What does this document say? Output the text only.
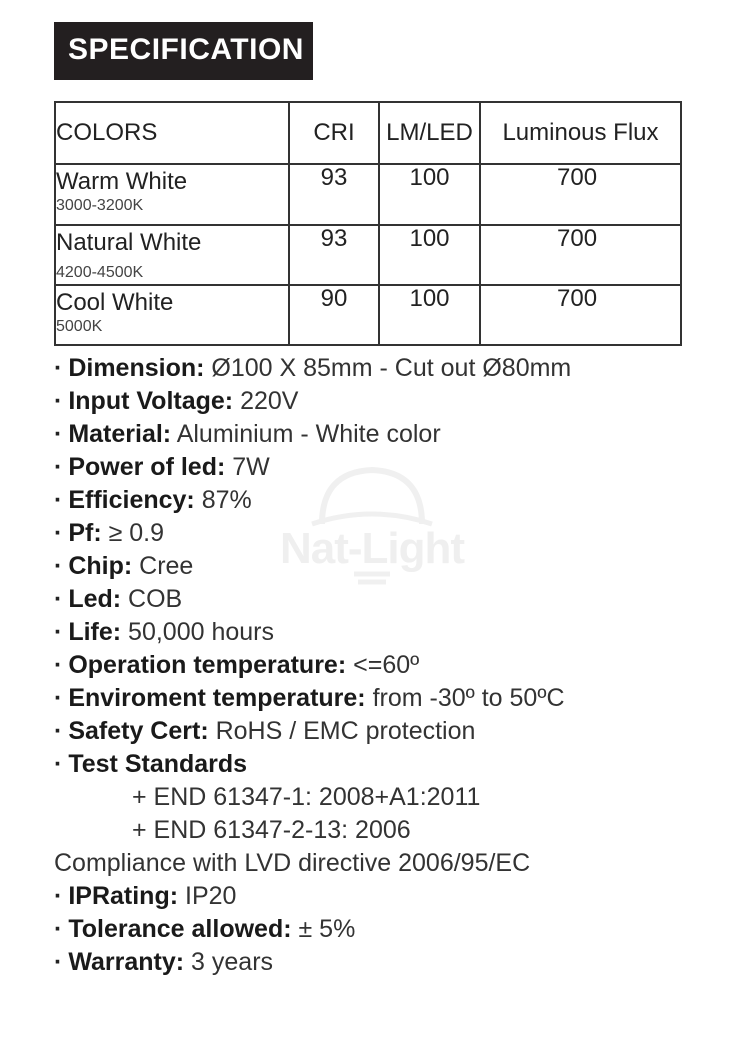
SPECIFICATION
COLORS	CRI	LM/LED	Luminous Flux

Warm White
3000-3200K	93	100	700

Natural White
4200-4500K	93	100	700

Cool White
5000K	90	100	700
Nat-Light
· Dimension: Ø100 X 85mm - Cut out Ø80mm
· Input Voltage: 220V
· Material: Aluminium - White color
· Power of led: 7W
· Efficiency: 87%
· Pf: ≥ 0.9
· Chip: Cree
· Led: COB
· Life: 50,000 hours
· Operation temperature: <=60º
· Enviroment temperature: from -30º to 50ºC
· Safety Cert: RoHS / EMC protection
· Test Standards
+ END 61347-1: 2008+A1:2011
+ END 61347-2-13: 2006
Compliance with LVD directive 2006/95/EC
· IPRating: IP20
· Tolerance allowed: ± 5%
· Warranty: 3 years
